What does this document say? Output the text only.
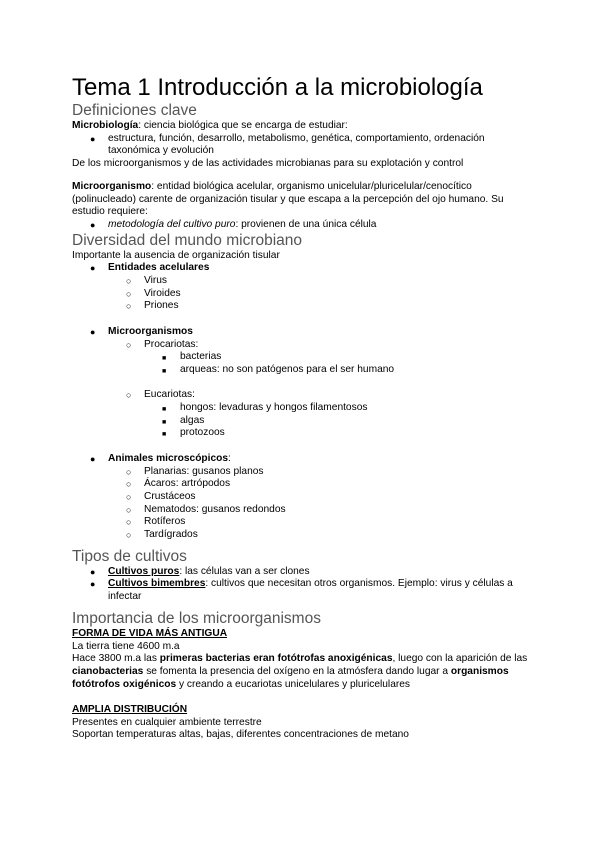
Tema 1 Introducción a la microbiología
Definiciones clave

Microbiología: ciencia biológica que se encarga de estudiar:

● estructura, función, desarrollo, metabolismo, genética, comportamiento, ordenación taxonómica y evolución

De los microorganismos y de las actividades microbianas para su explotación y control

Microorganismo: entidad biológica acelular, organismo unicelular/pluricelular/cenocítico (polinucleado) carente de organización tisular y que escapa a la percepción del ojo humano. Su estudio requiere:

● metodología del cultivo puro: provienen de una única célula
Diversidad del mundo microbiano

Importante la ausencia de organización tisular

● Entidades acelulares
○ Virus
○ Viroides
○ Priones
● Microorganismos
○ Procariotas:
■ bacterias
■ arqueas: no son patógenos para el ser humano
○ Eucariotas:
■ hongos: levaduras y hongos filamentosos
■ algas
■ protozoos
● Animales microscópicos:
○ Planarias: gusanos planos
○ Ácaros: artrópodos
○ Crustáceos
○ Nematodos: gusanos redondos
○ Rotíferos
○ Tardígrados
Tipos de cultivos
● Cultivos puros: las células van a ser clones
● Cultivos bimembres: cultivos que necesitan otros organismos. Ejemplo: virus y células a infectar
Importancia de los microorganismos

FORMA DE VIDA MÁS ANTIGUA

La tierra tiene 4600 m.a

Hace 3800 m.a las primeras bacterias eran fotótrofas anoxigénicas, luego con la aparición de las cianobacterias se fomenta la presencia del oxígeno en la atmósfera dando lugar a organismos fotótrofos oxigénicos y creando a eucariotas unicelulares y pluricelulares

AMPLIA DISTRIBUCIÓN

Presentes en cualquier ambiente terrestre

Soportan temperaturas altas, bajas, diferentes concentraciones de metano
